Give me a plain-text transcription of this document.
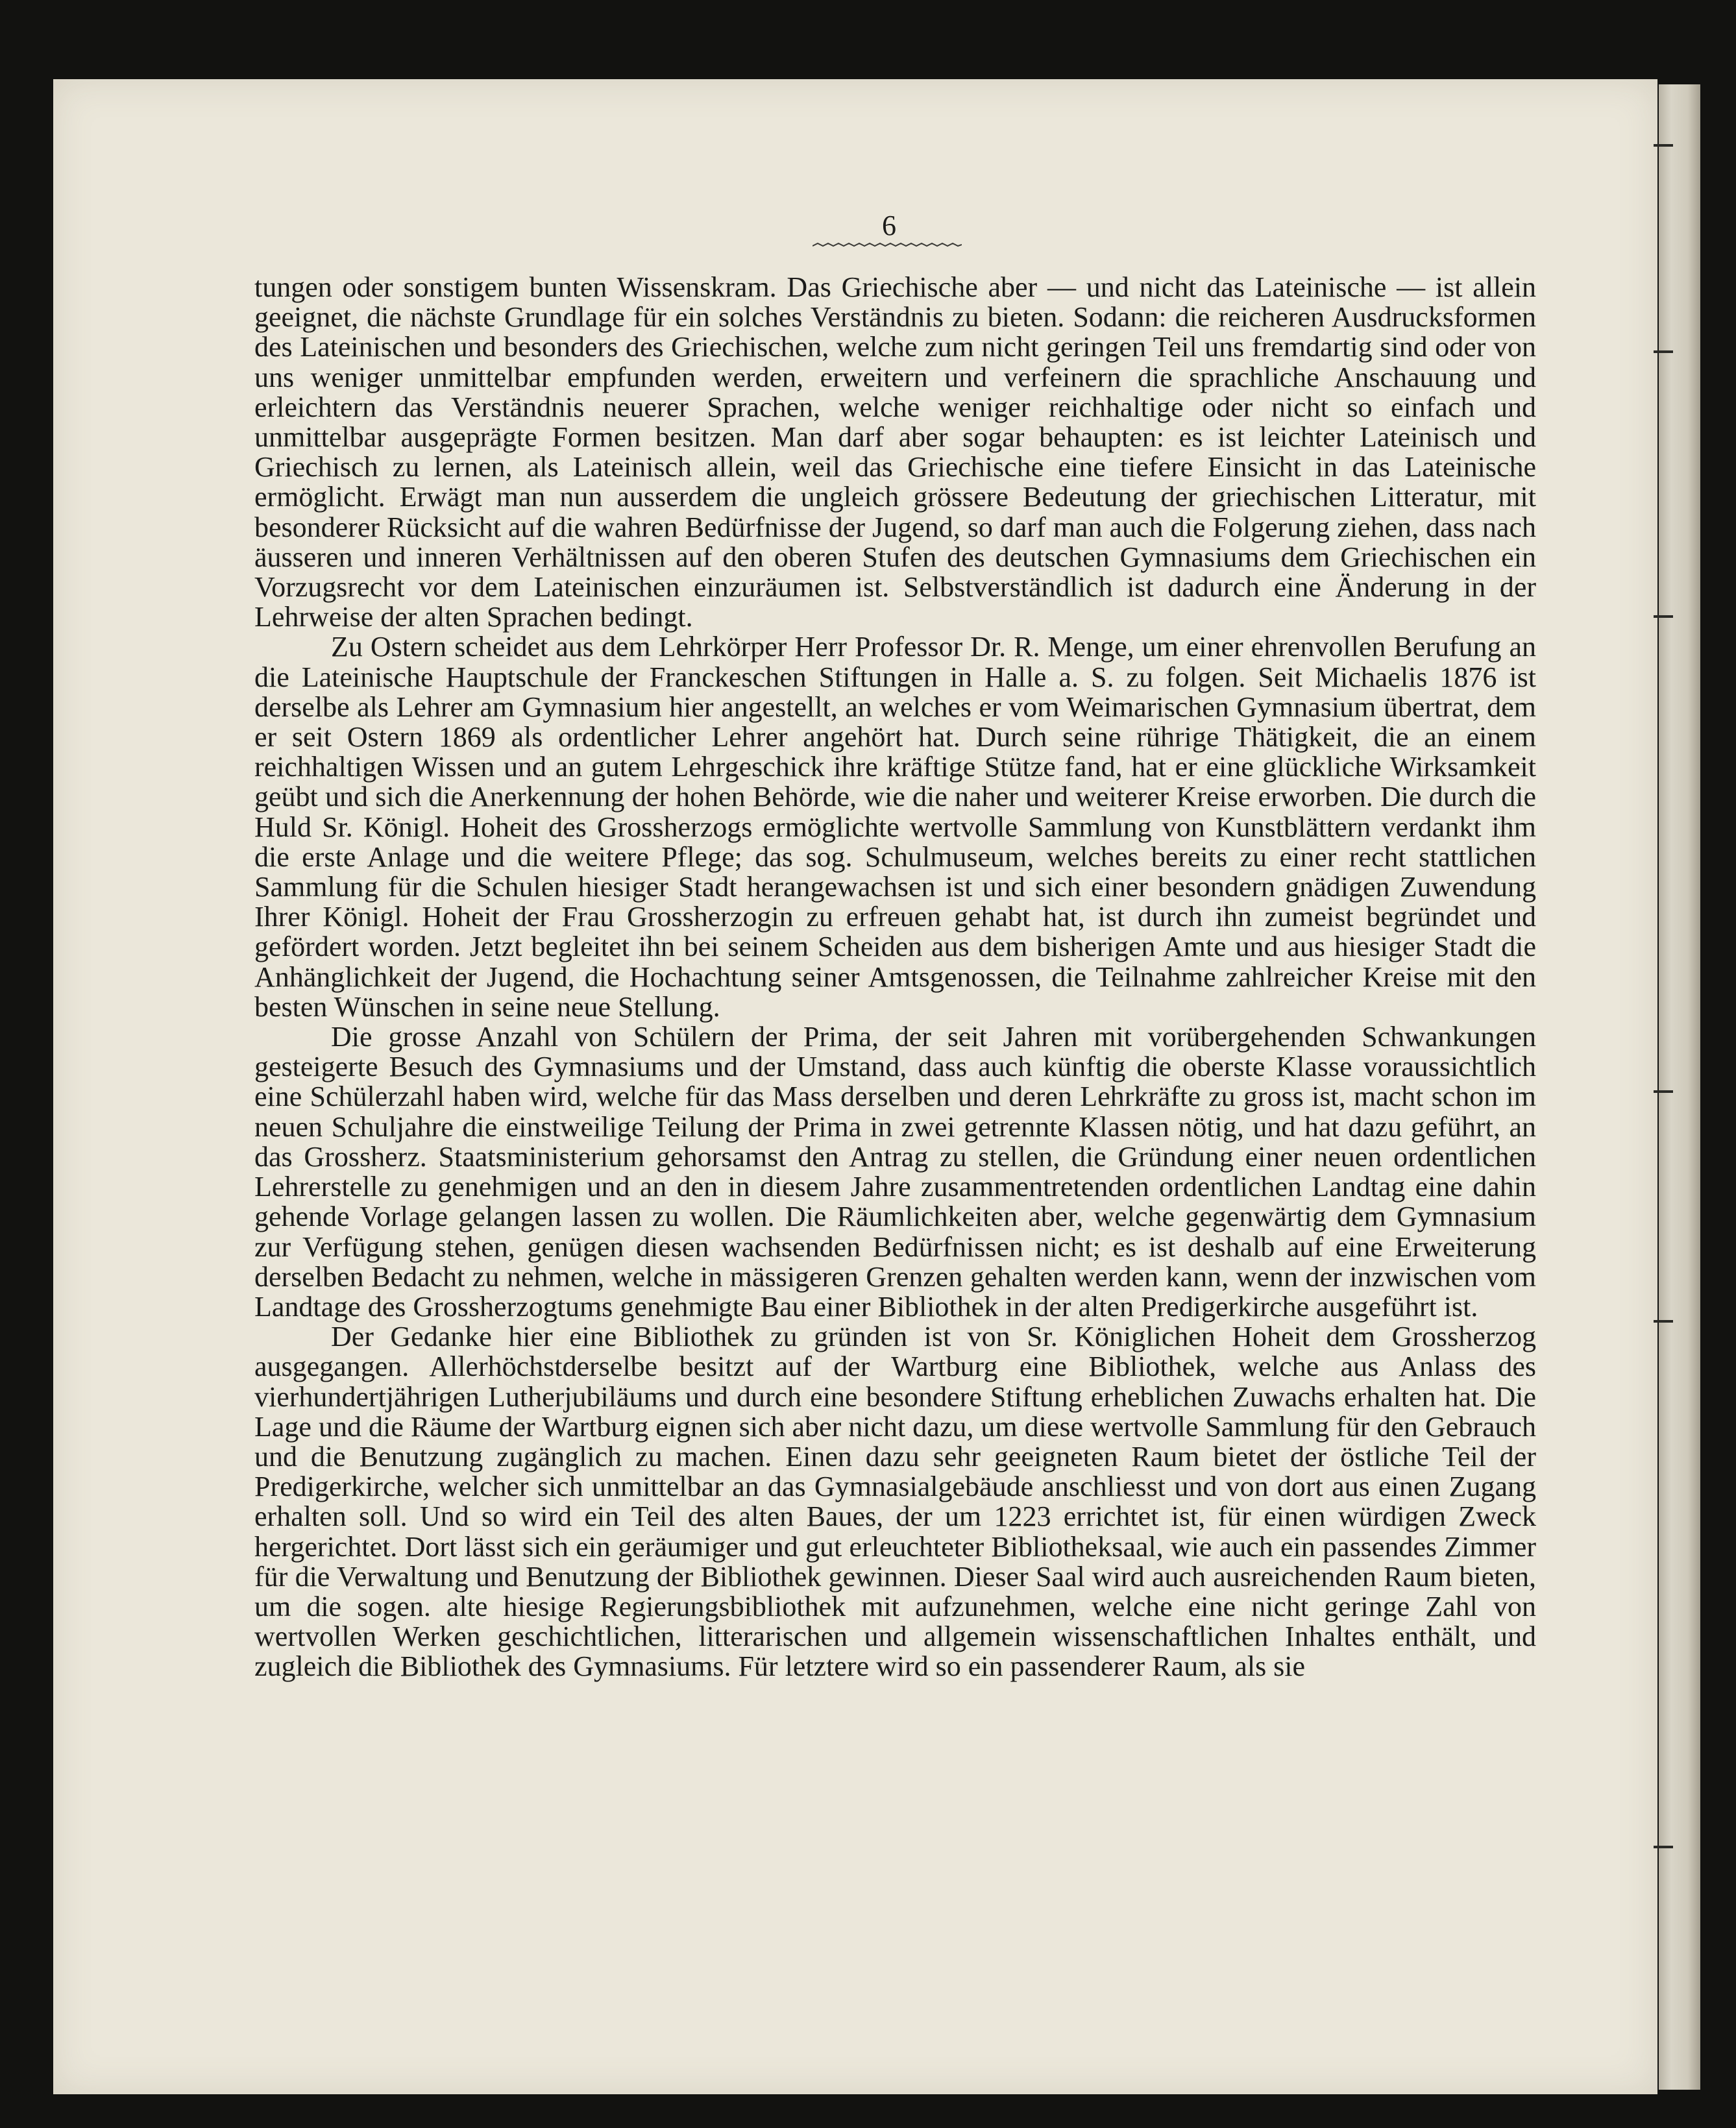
6

tungen oder sonstigem bunten Wissenskram. Das Griechische aber — und nicht das Lateinische — ist allein geeignet, die nächste Grundlage für ein solches Verständnis zu bieten. Sodann: die reicheren Ausdrucksformen des Lateinischen und besonders des Griechischen, welche zum nicht geringen Teil uns fremdartig sind oder von uns weniger unmittelbar empfunden werden, erweitern und verfeinern die sprachliche Anschauung und erleichtern das Verständnis neuerer Sprachen, welche weniger reichhaltige oder nicht so einfach und unmittelbar ausgeprägte Formen besitzen. Man darf aber sogar behaupten: es ist leichter Lateinisch und Griechisch zu lernen, als Lateinisch allein, weil das Griechische eine tiefere Einsicht in das Lateinische ermöglicht. Erwägt man nun ausserdem die ungleich grössere Bedeutung der griechischen Litteratur, mit besonderer Rücksicht auf die wahren Bedürfnisse der Jugend, so darf man auch die Folgerung ziehen, dass nach äusseren und inneren Verhältnissen auf den oberen Stufen des deutschen Gymnasiums dem Griechischen ein Vorzugsrecht vor dem Lateinischen einzuräumen ist. Selbstverständlich ist dadurch eine Änderung in der Lehrweise der alten Sprachen bedingt.

Zu Ostern scheidet aus dem Lehrkörper Herr Professor Dr. R. Menge, um einer ehrenvollen Berufung an die Lateinische Hauptschule der Franckeschen Stiftungen in Halle a. S. zu folgen. Seit Michaelis 1876 ist derselbe als Lehrer am Gymnasium hier angestellt, an welches er vom Weimarischen Gymnasium übertrat, dem er seit Ostern 1869 als ordentlicher Lehrer angehört hat. Durch seine rührige Thätigkeit, die an einem reichhaltigen Wissen und an gutem Lehrgeschick ihre kräftige Stütze fand, hat er eine glückliche Wirksamkeit geübt und sich die Anerkennung der hohen Behörde, wie die naher und weiterer Kreise erworben. Die durch die Huld Sr. Königl. Hoheit des Grossherzogs ermöglichte wertvolle Sammlung von Kunstblättern verdankt ihm die erste Anlage und die weitere Pflege; das sog. Schulmuseum, welches bereits zu einer recht stattlichen Sammlung für die Schulen hiesiger Stadt herangewachsen ist und sich einer besondern gnädigen Zuwendung Ihrer Königl. Hoheit der Frau Grossherzogin zu erfreuen gehabt hat, ist durch ihn zumeist begründet und gefördert worden. Jetzt begleitet ihn bei seinem Scheiden aus dem bisherigen Amte und aus hiesiger Stadt die Anhänglichkeit der Jugend, die Hochachtung seiner Amtsgenossen, die Teilnahme zahlreicher Kreise mit den besten Wünschen in seine neue Stellung.

Die grosse Anzahl von Schülern der Prima, der seit Jahren mit vorübergehenden Schwankungen gesteigerte Besuch des Gymnasiums und der Umstand, dass auch künftig die oberste Klasse voraussichtlich eine Schülerzahl haben wird, welche für das Mass derselben und deren Lehrkräfte zu gross ist, macht schon im neuen Schuljahre die einstweilige Teilung der Prima in zwei getrennte Klassen nötig, und hat dazu geführt, an das Grossherz. Staatsministerium gehorsamst den Antrag zu stellen, die Gründung einer neuen ordentlichen Lehrerstelle zu genehmigen und an den in diesem Jahre zusammentretenden ordentlichen Landtag eine dahin gehende Vorlage gelangen lassen zu wollen. Die Räumlichkeiten aber, welche gegenwärtig dem Gymnasium zur Verfügung stehen, genügen diesen wachsenden Bedürfnissen nicht; es ist deshalb auf eine Erweiterung derselben Bedacht zu nehmen, welche in mässigeren Grenzen gehalten werden kann, wenn der inzwischen vom Landtage des Grossherzogtums genehmigte Bau einer Bibliothek in der alten Predigerkirche ausgeführt ist.

Der Gedanke hier eine Bibliothek zu gründen ist von Sr. Königlichen Hoheit dem Grossherzog ausgegangen. Allerhöchstderselbe besitzt auf der Wartburg eine Bibliothek, welche aus Anlass des vierhundertjährigen Lutherjubiläums und durch eine besondere Stiftung erheblichen Zuwachs erhalten hat. Die Lage und die Räume der Wartburg eignen sich aber nicht dazu, um diese wertvolle Sammlung für den Gebrauch und die Benutzung zugänglich zu machen. Einen dazu sehr geeigneten Raum bietet der östliche Teil der Predigerkirche, welcher sich unmittelbar an das Gymnasialgebäude anschliesst und von dort aus einen Zugang erhalten soll. Und so wird ein Teil des alten Baues, der um 1223 errichtet ist, für einen würdigen Zweck hergerichtet. Dort lässt sich ein geräumiger und gut erleuchteter Bibliotheksaal, wie auch ein passendes Zimmer für die Verwaltung und Benutzung der Bibliothek gewinnen. Dieser Saal wird auch ausreichenden Raum bieten, um die sogen. alte hiesige Regierungsbibliothek mit aufzunehmen, welche eine nicht geringe Zahl von wertvollen Werken geschichtlichen, litterarischen und allgemein wissenschaftlichen Inhaltes enthält, und zugleich die Bibliothek des Gymnasiums. Für letztere wird so ein passenderer Raum, als sie
